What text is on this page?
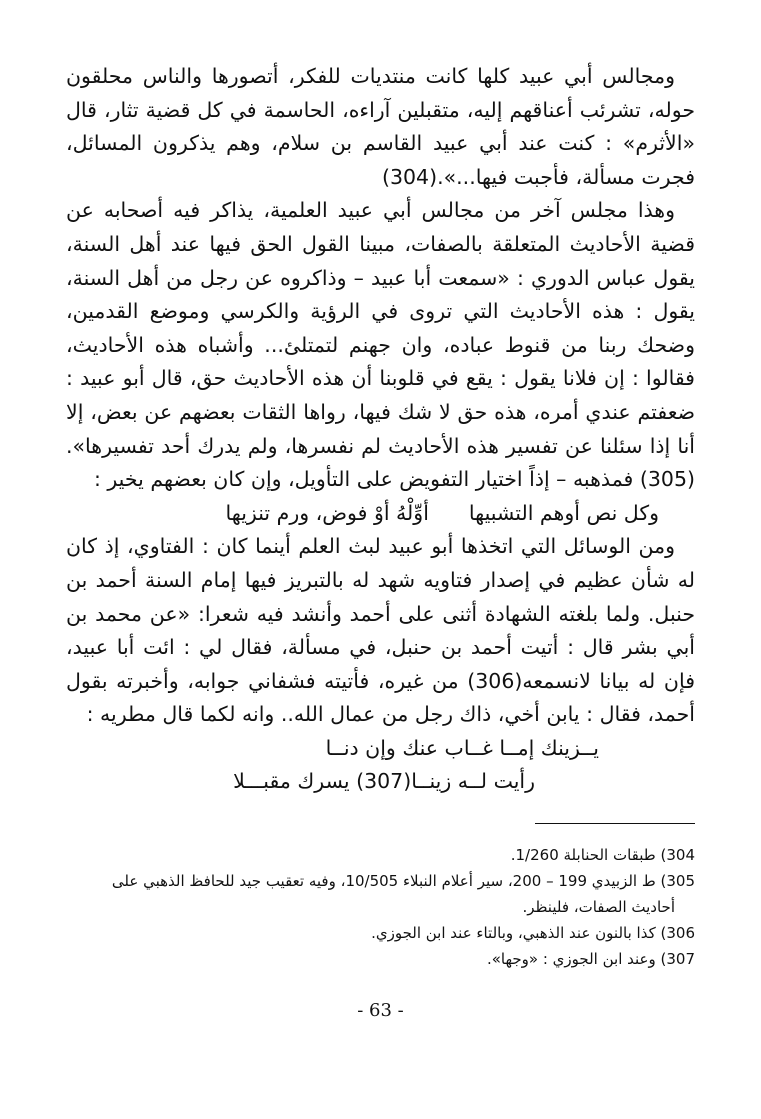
ومجالس أبي عبيد كلها كانت منتديات للفكر، أتصورها والناس محلقون حوله، تشرئب أعناقهم إليه، متقبلين آراءه، الحاسمة في كل قضية تثار، قال «الأثرم» : كنت عند أبي عبيد القاسم بن سلام، وهم يذكرون المسائل، فجرت مسألة، فأجبت فيها...».(304)

وهذا مجلس آخر من مجالس أبي عبيد العلمية، يذاكر فيه أصحابه عن قضية الأحاديث المتعلقة بالصفات، مبينا القول الحق فيها عند أهل السنة، يقول عباس الدوري : «سمعت أبا عبيد – وذاكروه عن رجل من أهل السنة، يقول : هذه الأحاديث التي تروى في الرؤية والكرسي وموضع القدمين، وضحك ربنا من قنوط عباده، وان جهنم لتمتلئ... وأشباه هذه الأحاديث، فقالوا : إن فلانا يقول : يقع في قلوبنا أن هذه الأحاديث حق، قال أبو عبيد : ضعفتم عندي أمره، هذه حق لا شك فيها، رواها الثقات بعضهم عن بعض، إلا أنا إذا سئلنا عن تفسير هذه الأحاديث لم نفسرها، ولم يدرك أحد تفسيرها». (305) فمذهبه – إذاً اختيار التفويض على التأويل، وإن كان بعضهم يخير :

وكل نص أوهم التشبيها
أوِّلْهُ أوْ فوض، ورم تنزيها

ومن الوسائل التي اتخذها أبو عبيد لبث العلم أينما كان : الفتاوي، إذ كان له شأن عظيم في إصدار فتاويه شهد له بالتبريز فيها إمام السنة أحمد بن حنبل. ولما بلغته الشهادة أثنى على أحمد وأنشد فيه شعرا: «عن محمد بن أبي بشر قال : أتيت أحمد بن حنبل، في مسألة، فقال لي : ائت أبا عبيد، فإن له بيانا لانسمعه(306) من غيره، فأتيته فشفاني جوابه، وأخبرته بقول أحمد، فقال : يابن أخي، ذاك رجل من عمال الله.. وانه لكما قال مطريه :

يــزينك إمــا غــاب عنك وإن دنــا
رأيت لــه زينــا(307) يسرك مقبـــلا
304) طبقات الحنابلة 1/260.
305) ط الزبيدي 199 – 200، سير أعلام النبلاء 10/505، وفيه تعقيب جيد للحافظ الذهبي على
أحاديث الصفات، فلينظر.
306) كذا بالنون عند الذهبي، وبالتاء عند ابن الجوزي.
307) وعند ابن الجوزي : «وجها».
- 63 -
